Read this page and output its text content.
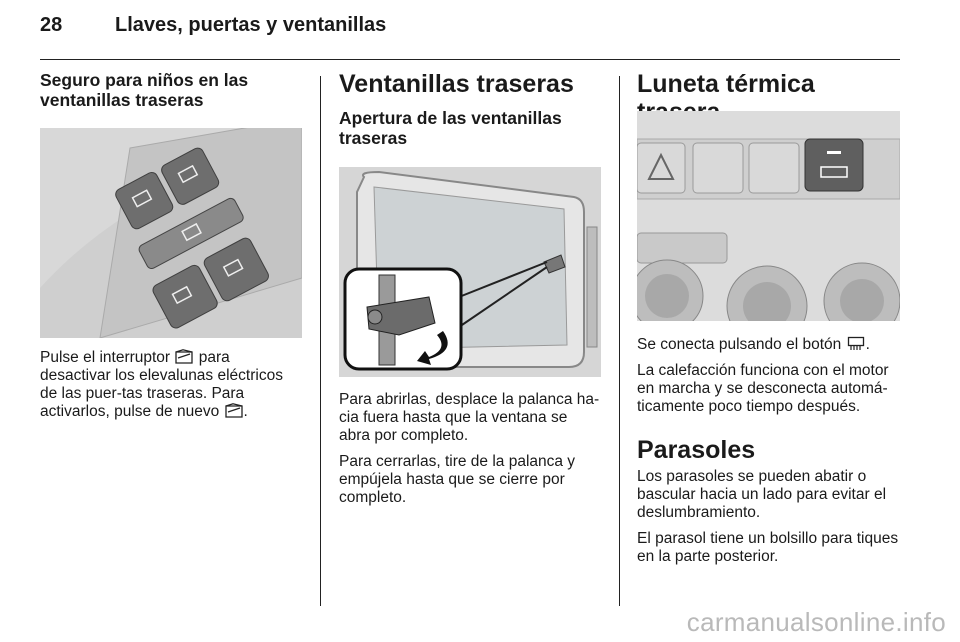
28	Llaves, puertas y ventanillas
Seguro para niños en las ventanillas traseras

Pulse el interruptor para desactivar los elevalunas eléctricos de las puer-tas traseras. Para activarlos, pulse de nuevo .

Ventanillas traseras
Apertura de las ventanillas traseras

Para abrirlas, desplace la palanca ha-cia fuera hasta que la ventana se abra por completo.

Para cerrarlas, tire de la palanca y empújela hasta que se cierre por completo.

Luneta térmica

Se conecta pulsando el botón .

La calefacción funciona con el motor en marcha y se desconecta automá-ticamente poco tiempo después.

Parasoles

Los parasoles se pueden abatir o bascular hacia un lado para evitar el deslumbramiento.

El parasol tiene un bolsillo para tiques en la parte posterior.

carmanualsonline.info
